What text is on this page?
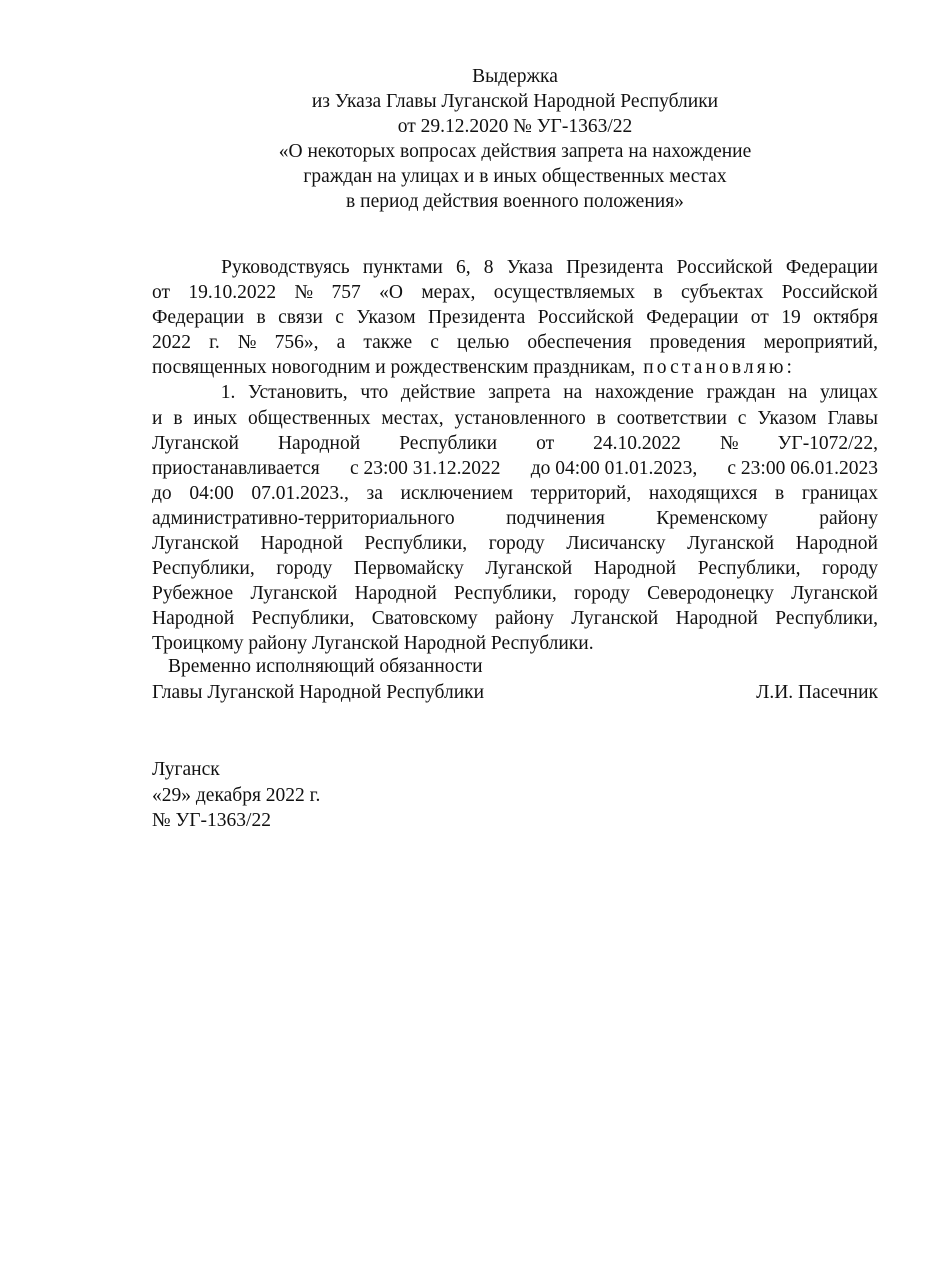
Выдержка
из Указа Главы Луганской Народной Республики
от 29.12.2020 № УГ-1363/22
«О некоторых вопросах действия запрета на нахождение
граждан на улицах и в иных общественных местах
в период действия военного положения»
Руководствуясь пунктами 6, 8 Указа Президента Российской Федерации
от 19.10.2022 № 757 «О мерах, осуществляемых в субъектах Российской
Федерации в связи с Указом Президента Российской Федерации от 19 октября
2022 г. № 756», а также с целью обеспечения проведения мероприятий,
посвященных новогодним и рождественским праздникам, постановляю:
1. Установить, что действие запрета на нахождение граждан на улицах
и в иных общественных местах, установленного в соответствии с Указом Главы
Луганской Народной Республики от 24.10.2022 № УГ-1072/22,
приостанавливается с 23:00 31.12.2022 до 04:00 01.01.2023, с 23:00 06.01.2023
до 04:00 07.01.2023., за исключением территорий, находящихся в границах
административно-территориального	подчинения	Кременскому	району
Луганской Народной Республики, городу Лисичанску Луганской Народной
Республики, городу Первомайску Луганской Народной Республики, городу
Рубежное Луганской Народной Республики, городу Северодонецку Луганской
Народной Республики, Сватовскому району Луганской Народной Республики,
Троицкому району Луганской Народной Республики.
Временно исполняющий обязанности
Главы Луганской Народной Республики	Л.И. Пасечник
Луганск
«29» декабря 2022 г.
№ УГ-1363/22
